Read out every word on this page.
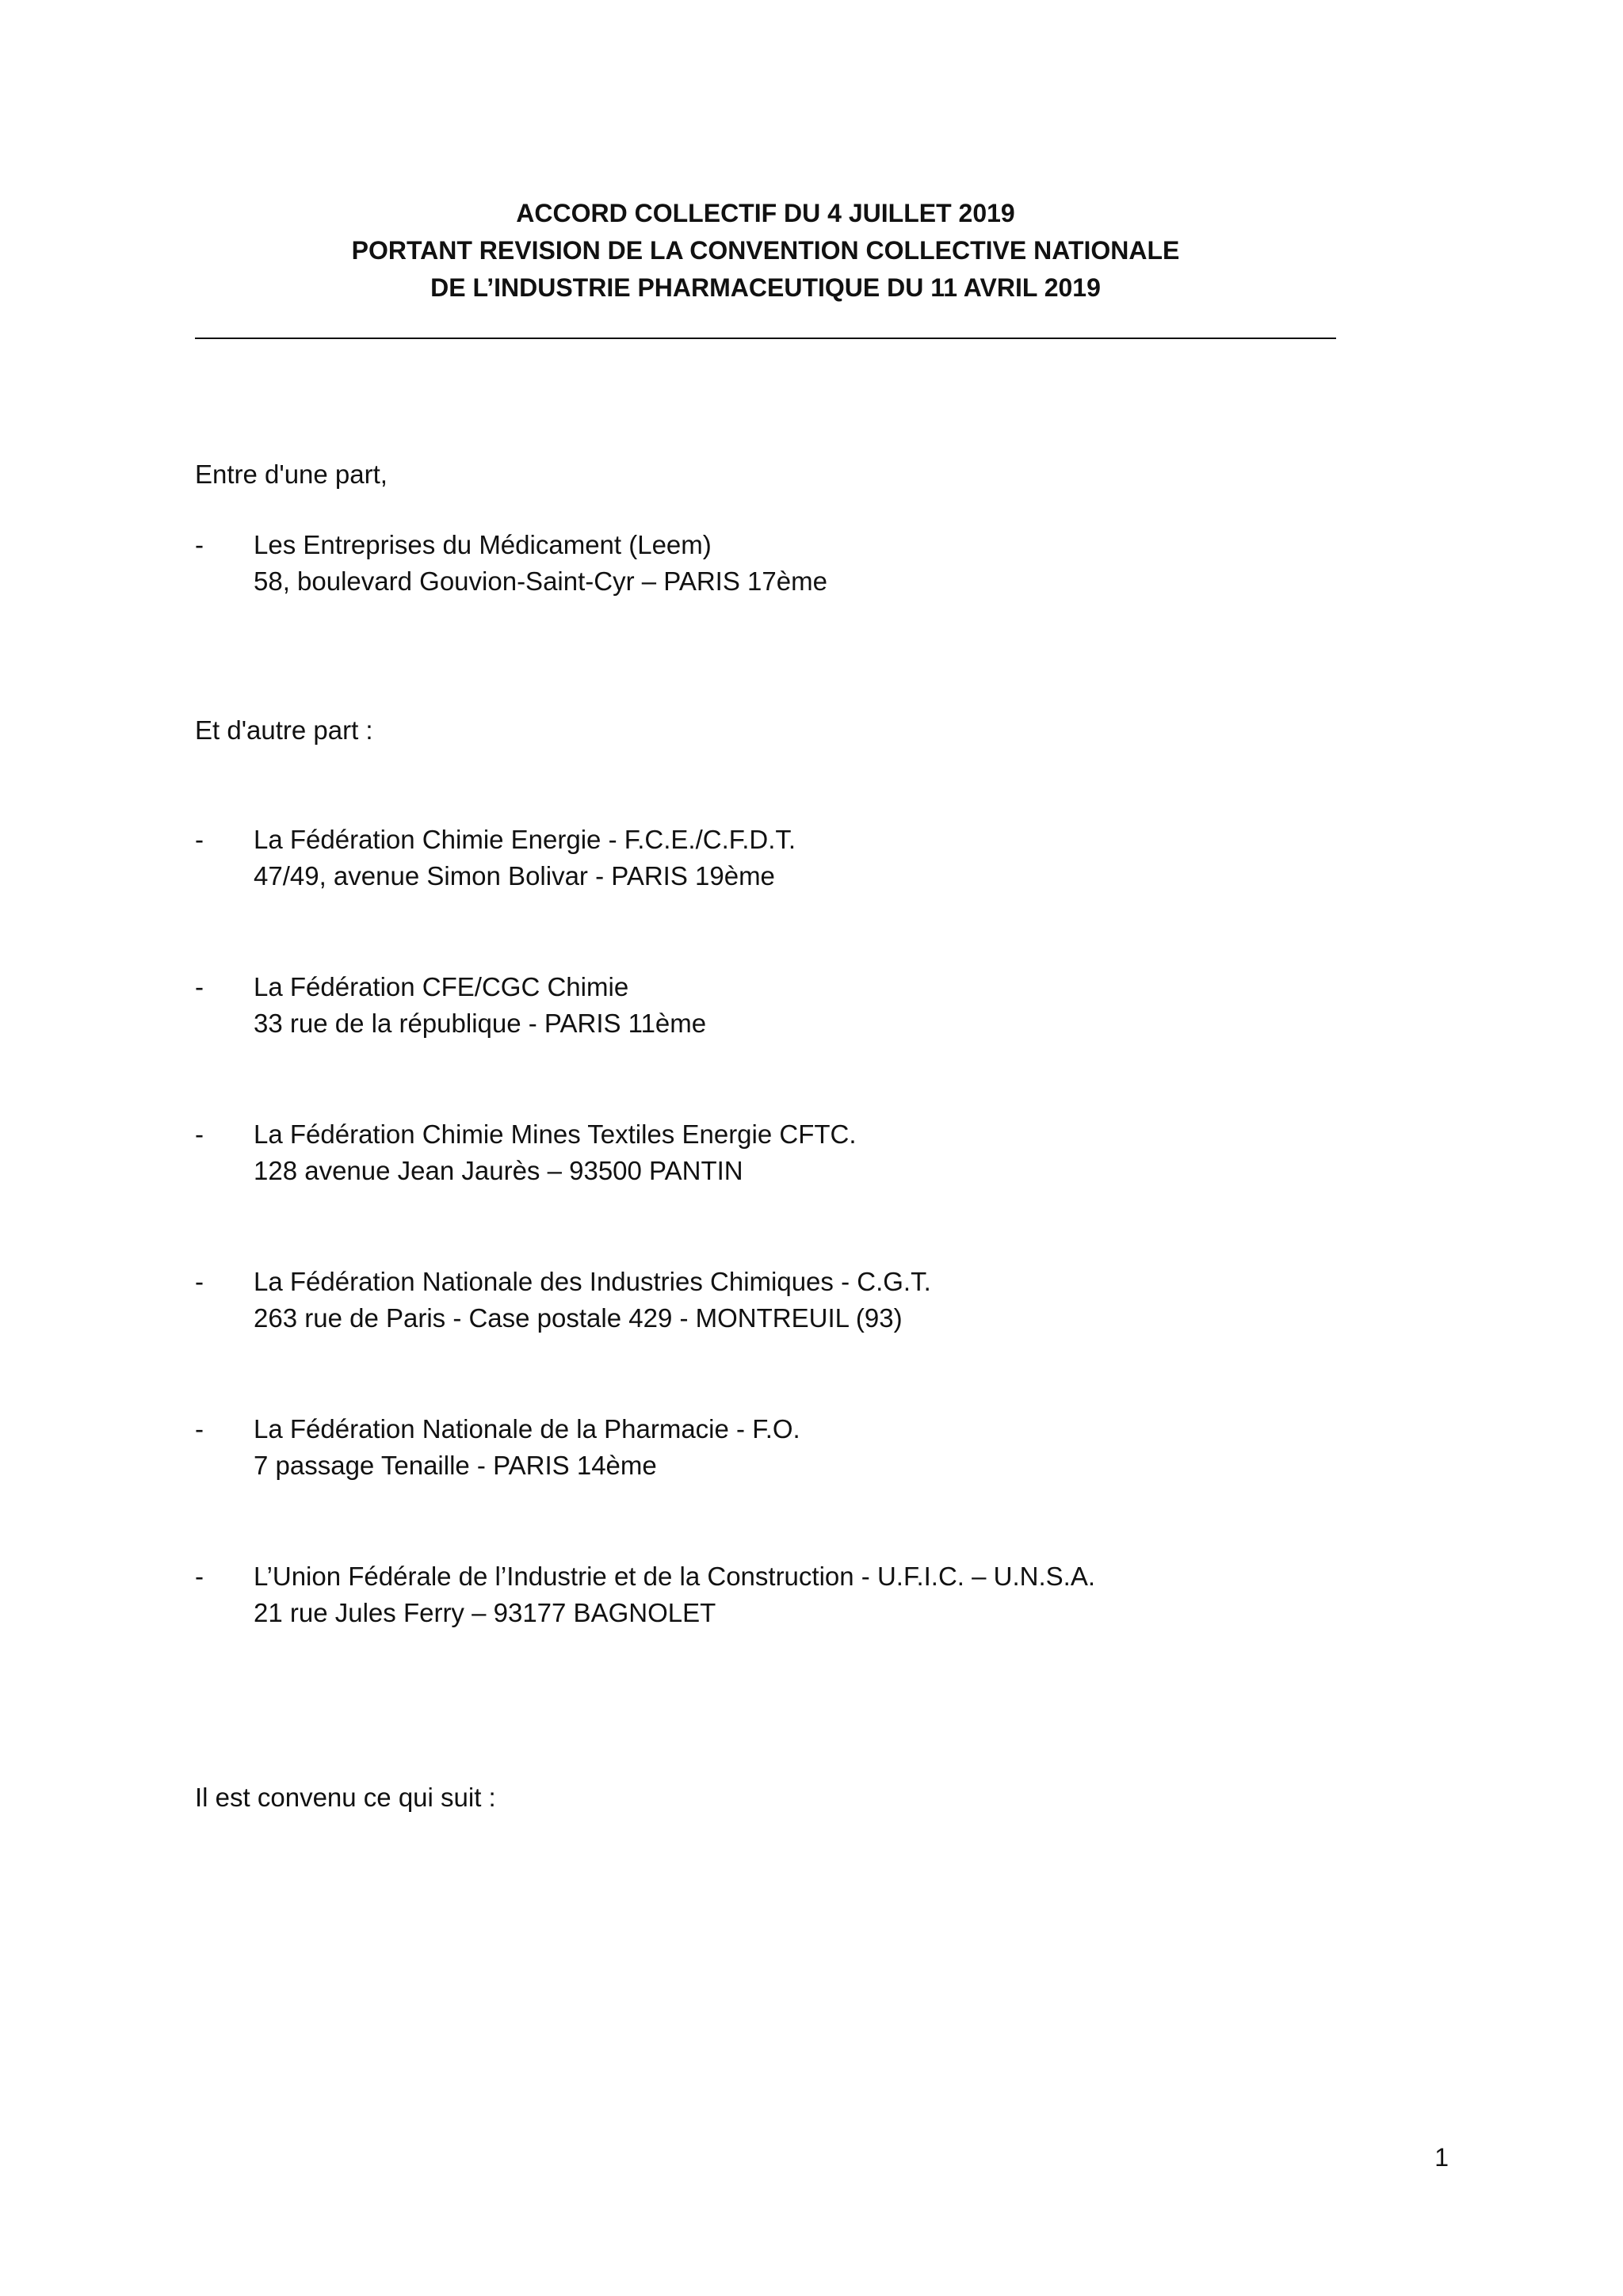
ACCORD COLLECTIF DU 4 JUILLET 2019
PORTANT REVISION DE LA CONVENTION COLLECTIVE NATIONALE
DE L’INDUSTRIE PHARMACEUTIQUE DU 11 AVRIL 2019
Entre d'une part,
- Les Entreprises du Médicament (Leem)
58, boulevard Gouvion-Saint-Cyr – PARIS 17ème
Et d'autre part :
- La Fédération Chimie Energie - F.C.E./C.F.D.T.
47/49, avenue Simon Bolivar - PARIS 19ème
- La Fédération CFE/CGC Chimie
33 rue de la république - PARIS 11ème
- La Fédération Chimie Mines Textiles Energie CFTC.
128 avenue Jean Jaurès – 93500 PANTIN
- La Fédération Nationale des Industries Chimiques - C.G.T.
263 rue de Paris - Case postale 429 - MONTREUIL (93)
- La Fédération Nationale de la Pharmacie - F.O.
7 passage Tenaille - PARIS 14ème
- L’Union Fédérale de l’Industrie et de la Construction - U.F.I.C. – U.N.S.A.
21 rue Jules Ferry – 93177 BAGNOLET
Il est convenu ce qui suit :
1
